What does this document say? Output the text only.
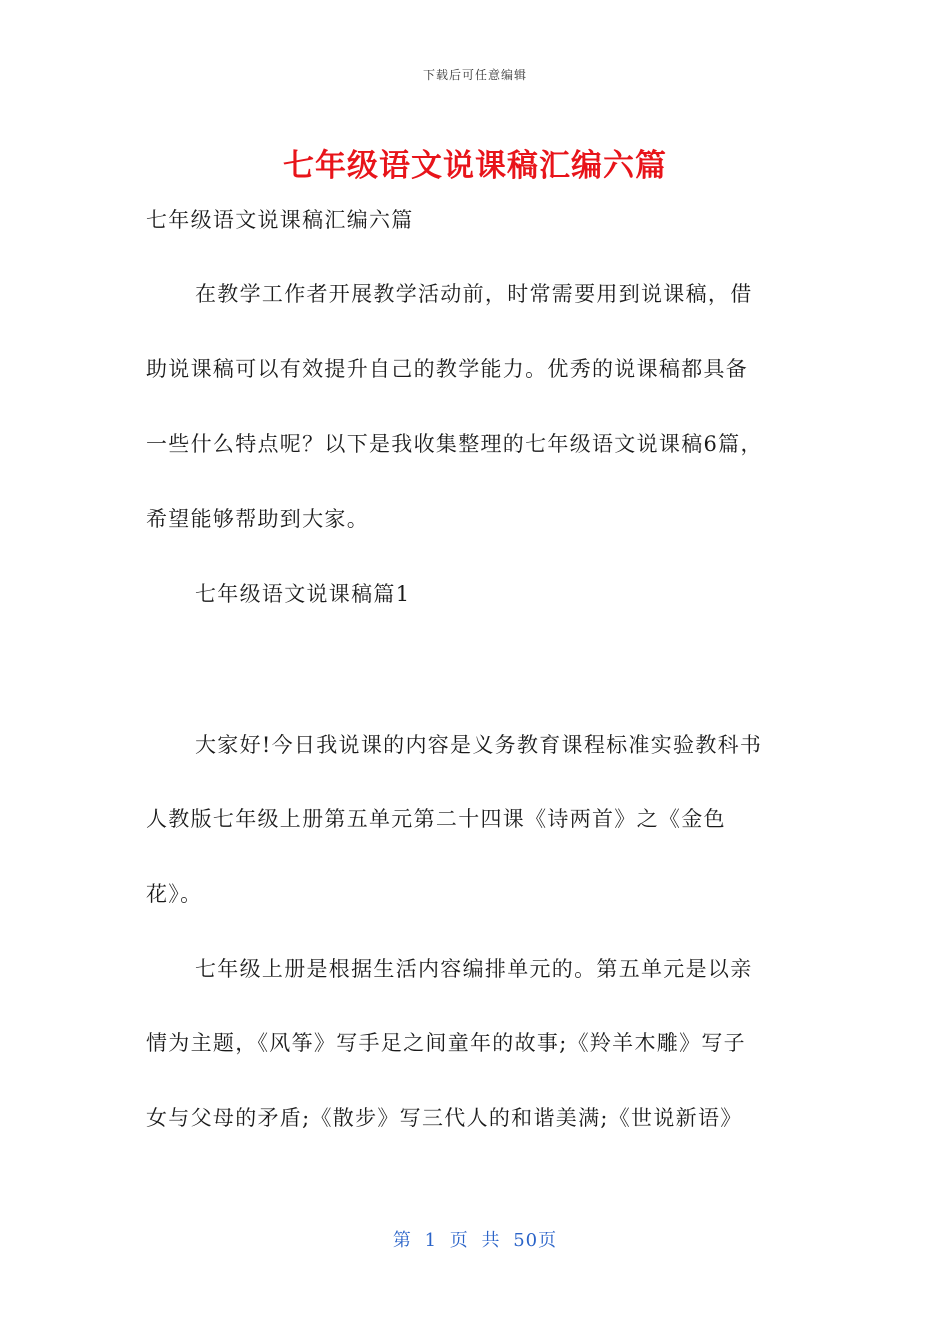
下载后可任意编辑
七年级语文说课稿汇编六篇
七年级语文说课稿汇编六篇
在教学工作者开展教学活动前，时常需要用到说课稿，借
助说课稿可以有效提升自己的教学能力。优秀的说课稿都具备
一些什么特点呢？以下是我收集整理的七年级语文说课稿6篇，
希望能够帮助到大家。
七年级语文说课稿篇1
大家好!今日我说课的内容是义务教育课程标准实验教科书
人教版七年级上册第五单元第二十四课《诗两首》之《金色
花》。
七年级上册是根据生活内容编排单元的。第五单元是以亲
情为主题，《风筝》写手足之间童年的故事;《羚羊木雕》写子
女与父母的矛盾;《散步》写三代人的和谐美满;《世说新语》
第 1 页 共 50页
